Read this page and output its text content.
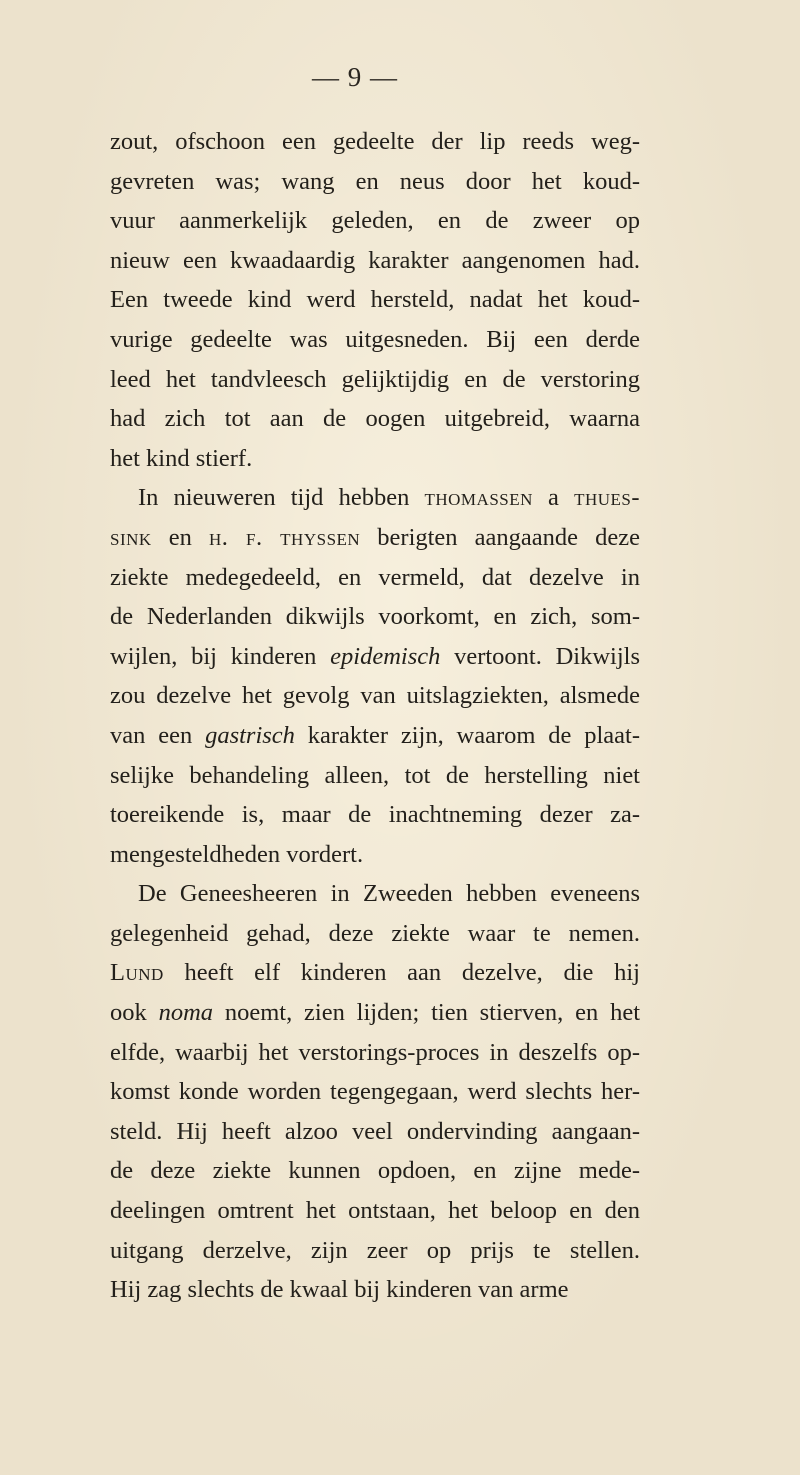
— 9 —
zout, ofschoon een gedeelte der lip reeds weg-
gevreten was; wang en neus door het koud-
vuur aanmerkelijk geleden, en de zweer op
nieuw een kwaadaardig karakter aangenomen had.
Een tweede kind werd hersteld, nadat het koud-
vurige gedeelte was uitgesneden. Bij een derde
leed het tandvleesch gelijktijdig en de verstoring
had zich tot aan de oogen uitgebreid, waarna
het kind stierf.
In nieuweren tijd hebben thomassen a thues-
sink en h. f. thyssen berigten aangaande deze
ziekte medegedeeld, en vermeld, dat dezelve in
de Nederlanden dikwijls voorkomt, en zich, som-
wijlen, bij kinderen epidemisch vertoont. Dikwijls
zou dezelve het gevolg van uitslagziekten, alsmede
van een gastrisch karakter zijn, waarom de plaat-
selijke behandeling alleen, tot de herstelling niet
toereikende is, maar de inachtneming dezer za-
mengesteldheden vordert.
De Geneesheeren in Zweeden hebben eveneens
gelegenheid gehad, deze ziekte waar te nemen.
Lund heeft elf kinderen aan dezelve, die hij
ook noma noemt, zien lijden; tien stierven, en het
elfde, waarbij het verstorings-proces in deszelfs op-
komst konde worden tegengegaan, werd slechts her-
steld. Hij heeft alzoo veel ondervinding aangaan-
de deze ziekte kunnen opdoen, en zijne mede-
deelingen omtrent het ontstaan, het beloop en den
uitgang derzelve, zijn zeer op prijs te stellen.
Hij zag slechts de kwaal bij kinderen van arme
